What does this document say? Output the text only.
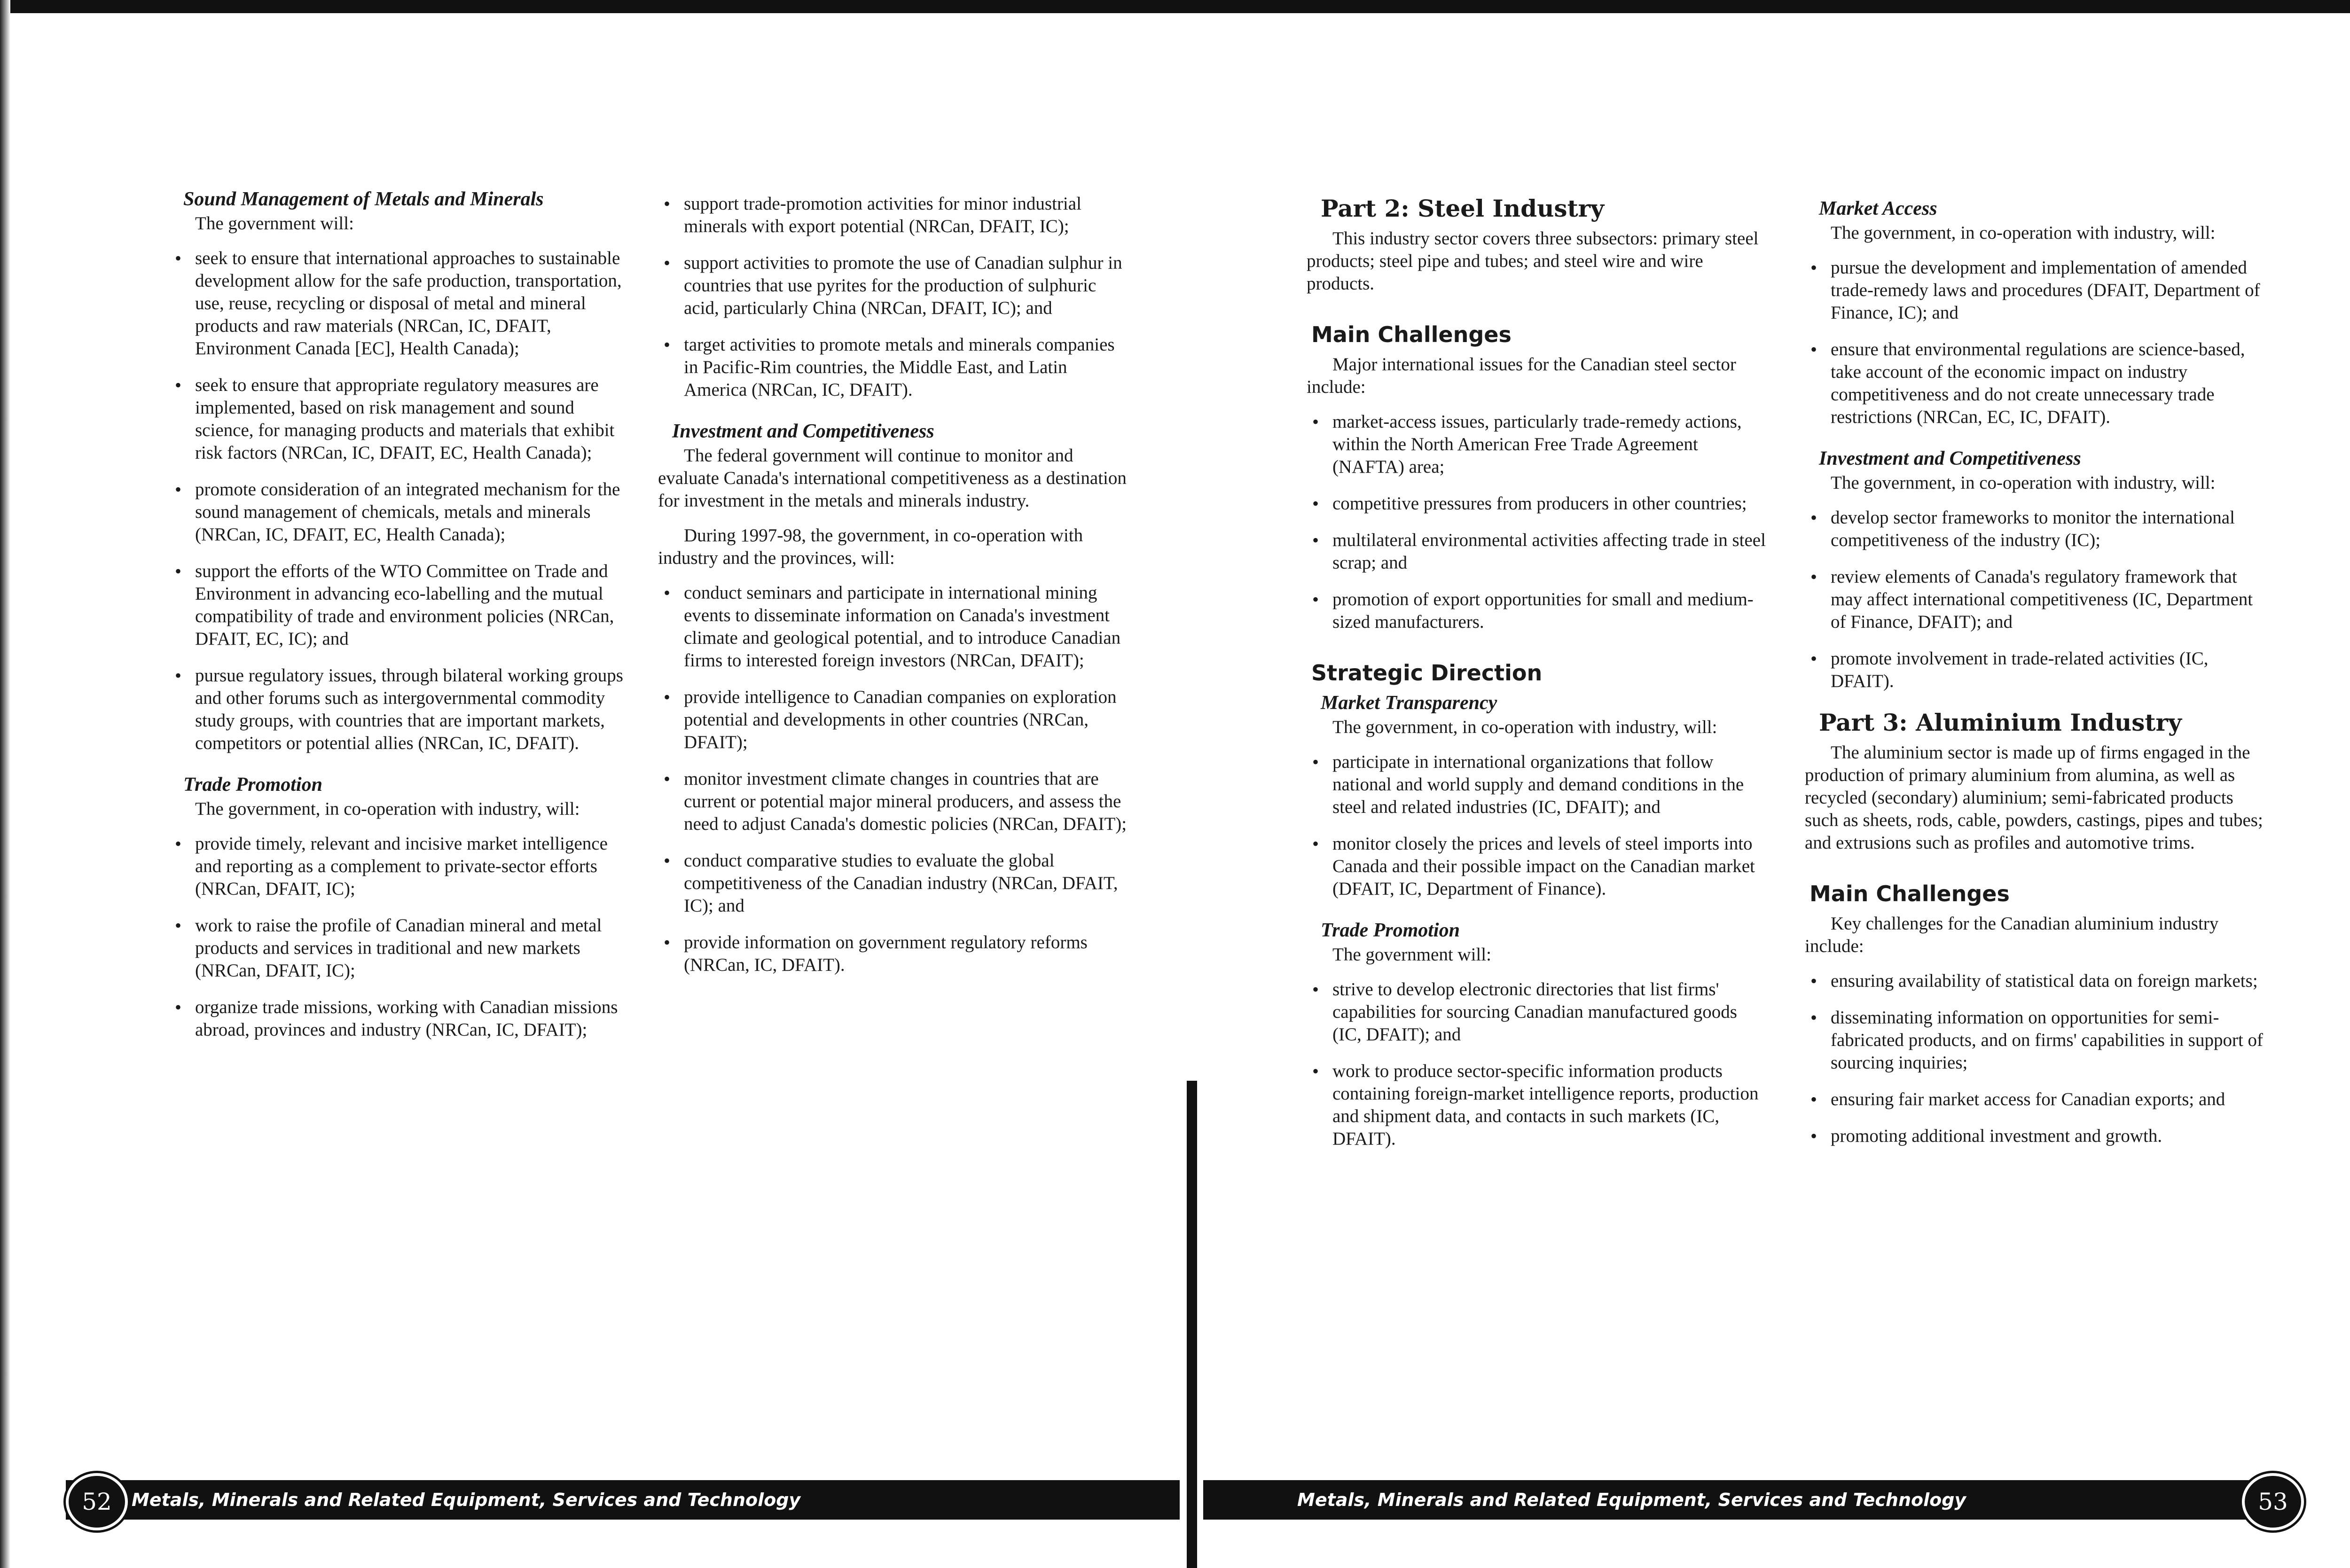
Sound Management of Metals and Minerals

The government will:

• seek to ensure that international approaches to sustainable development allow for the safe production, transportation, use, reuse, recycling or disposal of metal and mineral products and raw materials (NRCan, IC, DFAIT, Environment Canada [EC], Health Canada);
• seek to ensure that appropriate regulatory measures are implemented, based on risk management and sound science, for managing products and materials that exhibit risk factors (NRCan, IC, DFAIT, EC, Health Canada);
• promote consideration of an integrated mechanism for the sound management of chemicals, metals and minerals (NRCan, IC, DFAIT, EC, Health Canada);
• support the efforts of the WTO Committee on Trade and Environment in advancing eco-labelling and the mutual compatibility of trade and environment policies (NRCan, DFAIT, EC, IC); and
• pursue regulatory issues, through bilateral working groups and other forums such as intergovernmental commodity study groups, with countries that are important markets, competitors or potential allies (NRCan, IC, DFAIT).
Trade Promotion

The government, in co-operation with industry, will:

• provide timely, relevant and incisive market intelligence and reporting as a complement to private-sector efforts (NRCan, DFAIT, IC);
• work to raise the profile of Canadian mineral and metal products and services in traditional and new markets (NRCan, DFAIT, IC);
• organize trade missions, working with Canadian missions abroad, provinces and industry (NRCan, IC, DFAIT);
• support trade-promotion activities for minor industrial minerals with export potential (NRCan, DFAIT, IC);
• support activities to promote the use of Canadian sulphur in countries that use pyrites for the production of sulphuric acid, particularly China (NRCan, DFAIT, IC); and
• target activities to promote metals and minerals companies in Pacific-Rim countries, the Middle East, and Latin America (NRCan, IC, DFAIT).
Investment and Competitiveness

The federal government will continue to monitor and evaluate Canada's international competitiveness as a destination for investment in the metals and minerals industry.

During 1997-98, the government, in co-operation with industry and the provinces, will:

• conduct seminars and participate in international mining events to disseminate information on Canada's investment climate and geological potential, and to introduce Canadian firms to interested foreign investors (NRCan, DFAIT);
• provide intelligence to Canadian companies on exploration potential and developments in other countries (NRCan, DFAIT);
• monitor investment climate changes in countries that are current or potential major mineral producers, and assess the need to adjust Canada's domestic policies (NRCan, DFAIT);
• conduct comparative studies to evaluate the global competitiveness of the Canadian industry (NRCan, DFAIT, IC); and
• provide information on government regulatory reforms (NRCan, IC, DFAIT).
Part 2: Steel Industry

This industry sector covers three subsectors: primary steel products; steel pipe and tubes; and steel wire and wire products.

Main Challenges

Major international issues for the Canadian steel sector include:

• market-access issues, particularly trade-remedy actions, within the North American Free Trade Agreement (NAFTA) area;
• competitive pressures from producers in other countries;
• multilateral environmental activities affecting trade in steel scrap; and
• promotion of export opportunities for small and medium-sized manufacturers.
Strategic Direction
Market Transparency

The government, in co-operation with industry, will:

• participate in international organizations that follow national and world supply and demand conditions in the steel and related industries (IC, DFAIT); and
• monitor closely the prices and levels of steel imports into Canada and their possible impact on the Canadian market (DFAIT, IC, Department of Finance).
Trade Promotion

The government will:

• strive to develop electronic directories that list firms' capabilities for sourcing Canadian manufactured goods (IC, DFAIT); and
• work to produce sector-specific information products containing foreign-market intelligence reports, production and shipment data, and contacts in such markets (IC, DFAIT).
Market Access

The government, in co-operation with industry, will:

• pursue the development and implementation of amended trade-remedy laws and procedures (DFAIT, Department of Finance, IC); and
• ensure that environmental regulations are science-based, take account of the economic impact on industry competitiveness and do not create unnecessary trade restrictions (NRCan, EC, IC, DFAIT).
Investment and Competitiveness

The government, in co-operation with industry, will:

• develop sector frameworks to monitor the international competitiveness of the industry (IC);
• review elements of Canada's regulatory framework that may affect international competitiveness (IC, Department of Finance, DFAIT); and
• promote involvement in trade-related activities (IC, DFAIT).
Part 3: Aluminium Industry

The aluminium sector is made up of firms engaged in the production of primary aluminium from alumina, as well as recycled (secondary) aluminium; semi-fabricated products such as sheets, rods, cable, powders, castings, pipes and tubes; and extrusions such as profiles and automotive trims.

Main Challenges

Key challenges for the Canadian aluminium industry include:

• ensuring availability of statistical data on foreign markets;
• disseminating information on opportunities for semi-fabricated products, and on firms' capabilities in support of sourcing inquiries;
• ensuring fair market access for Canadian exports; and
• promoting additional investment and growth.
Metals, Minerals and Related Equipment, Services and Technology
52	Metals, Minerals and Related Equipment, Services and Technology	53
